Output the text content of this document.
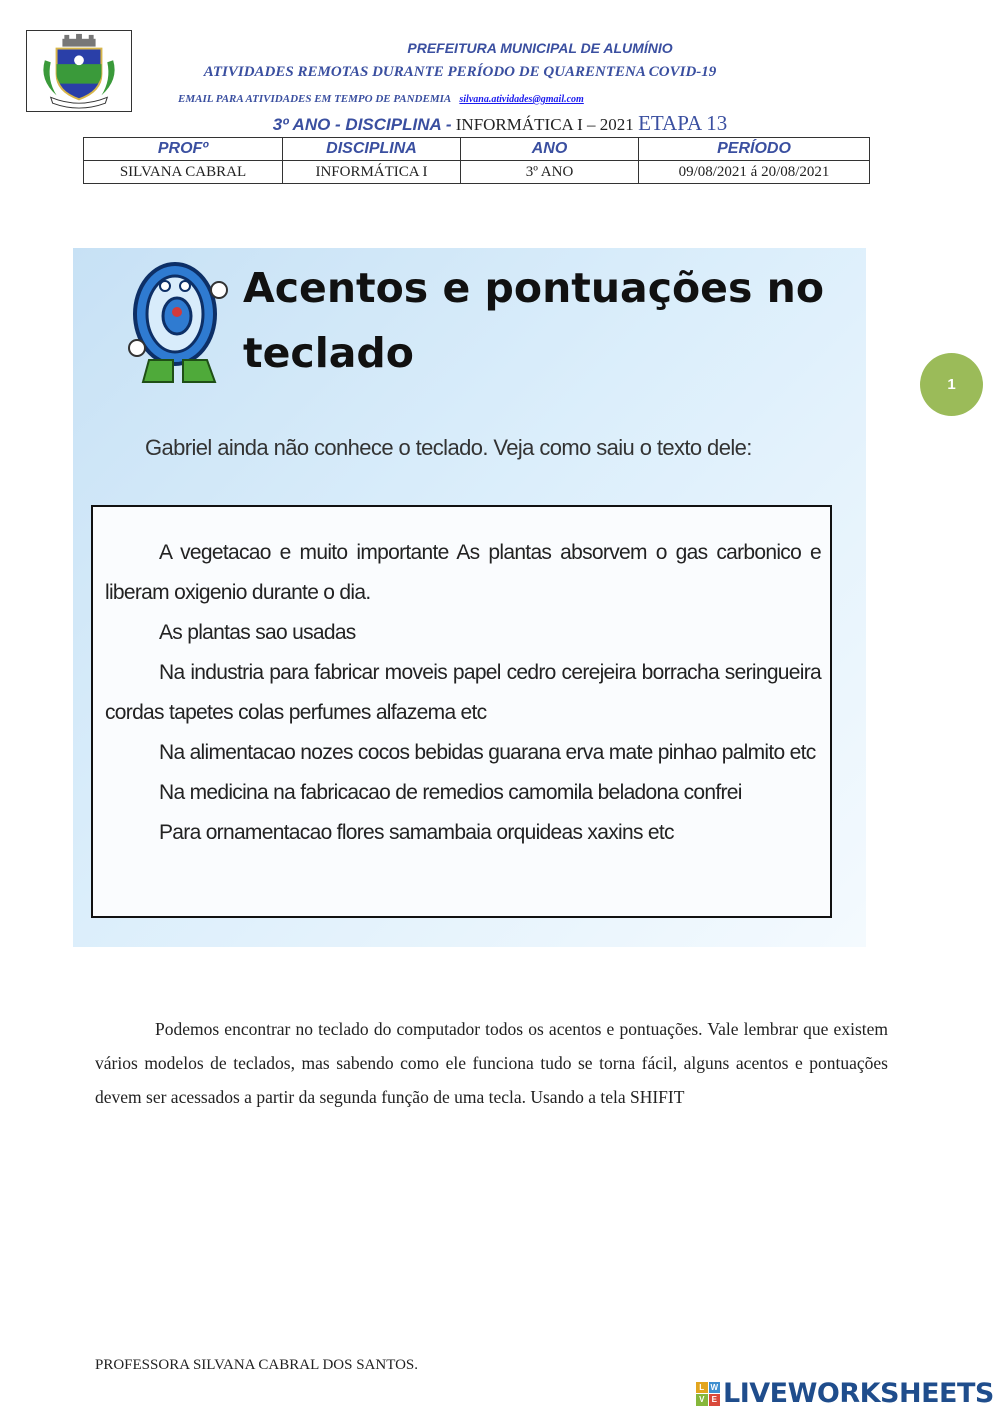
PREFEITURA MUNICIPAL DE ALUMÍNIO
ATIVIDADES REMOTAS DURANTE PERÍODO DE QUARENTENA COVID-19
EMAIL PARA ATIVIDADES EM TEMPO DE PANDEMIA silvana.atividades@gmail.com
3º ANO - DISCIPLINA - INFORMÁTICA I – 2021 ETAPA 13
PROFº	DISCIPLINA	ANO	PERÍODO
SILVANA CABRAL	INFORMÁTICA I	3º ANO	09/08/2021 á 20/08/2021
Acentos e pontuações no teclado
Gabriel ainda não conhece o teclado. Veja como saiu o texto dele:

A vegetacao e muito importante As plantas absorvem o gas carbonico e liberam oxigenio durante o dia.

As plantas sao usadas

Na industria para fabricar moveis papel cedro cerejeira borracha seringueira cordas tapetes colas perfumes alfazema etc

Na alimentacao nozes cocos bebidas guarana erva mate pinhao palmito etc

Na medicina na fabricacao de remedios camomila beladona confrei

Para ornamentacao flores samambaia orquideas xaxins etc

1

Podemos encontrar no teclado do computador todos os acentos e pontuações. Vale lembrar que existem vários modelos de teclados, mas sabendo como ele funciona tudo se torna fácil, alguns acentos e pontuações devem ser acessados a partir da segunda função de uma tecla. Usando a tela SHIFIT

PROFESSORA SILVANA CABRAL DOS SANTOS.
L W
V E LIVEWORKSHEETS
